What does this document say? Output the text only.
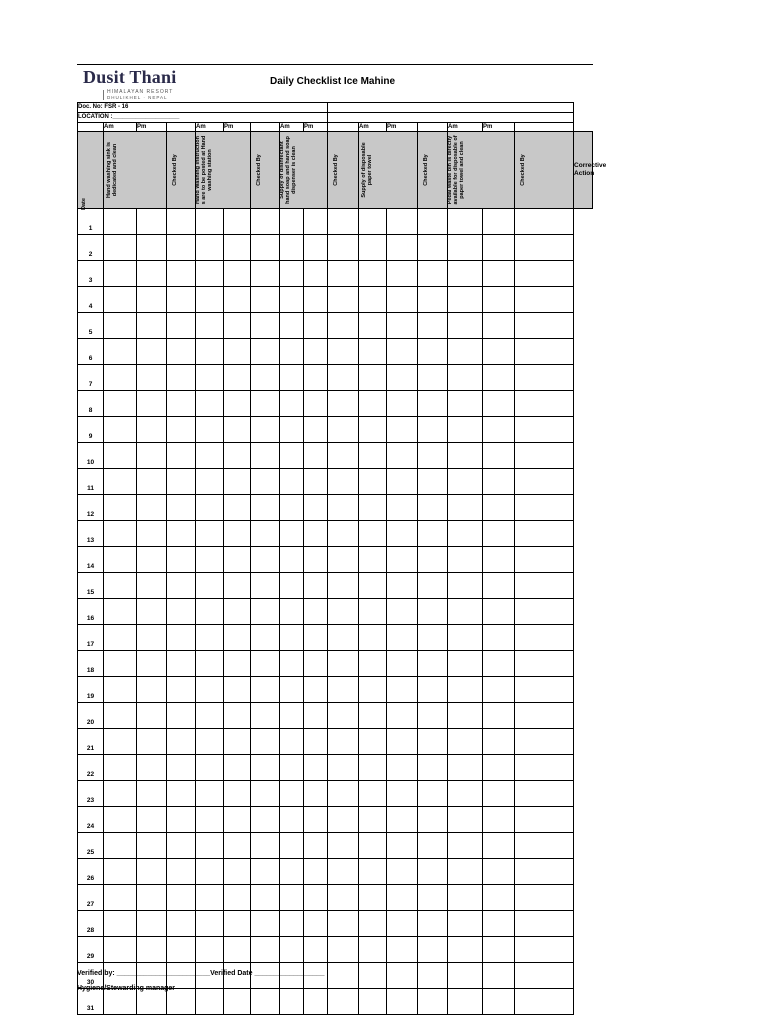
Dusit Thani
HIMALAYAN RESORT
DHULIKHEL · NEPAL
Daily Checklist Ice Mahine
Doc. No: FSR - 16																
LOCATION :____________________																
	Am	Pm		Am	Pm		Am	Pm		Am	Pm		Am	Pm		

Date	Hand washing sink is dedicated and clean		Checked By	Hand Washing instruction s are to be posted at Hand washing station		Checked By	Supply of disinfectant hand soap and hand soap dispenser is clean		Checked By	Supply of disposable paper towel		Checked By	Pedal waste bin is directly available for disposable of paper towel and clean		Checked By	Corrective Action
1																
2																
3																
4																
5																
6																
7																
8																
9																
10																
11																
12																
13																
14																
15																
16																
17																
18																
19																
20																
21																
22																
23																
24																
25																
26																
27																
28																
29																
30																
31																
Verified by: ________________________Verified Date __________________
Hygiene/Stewarding manager
